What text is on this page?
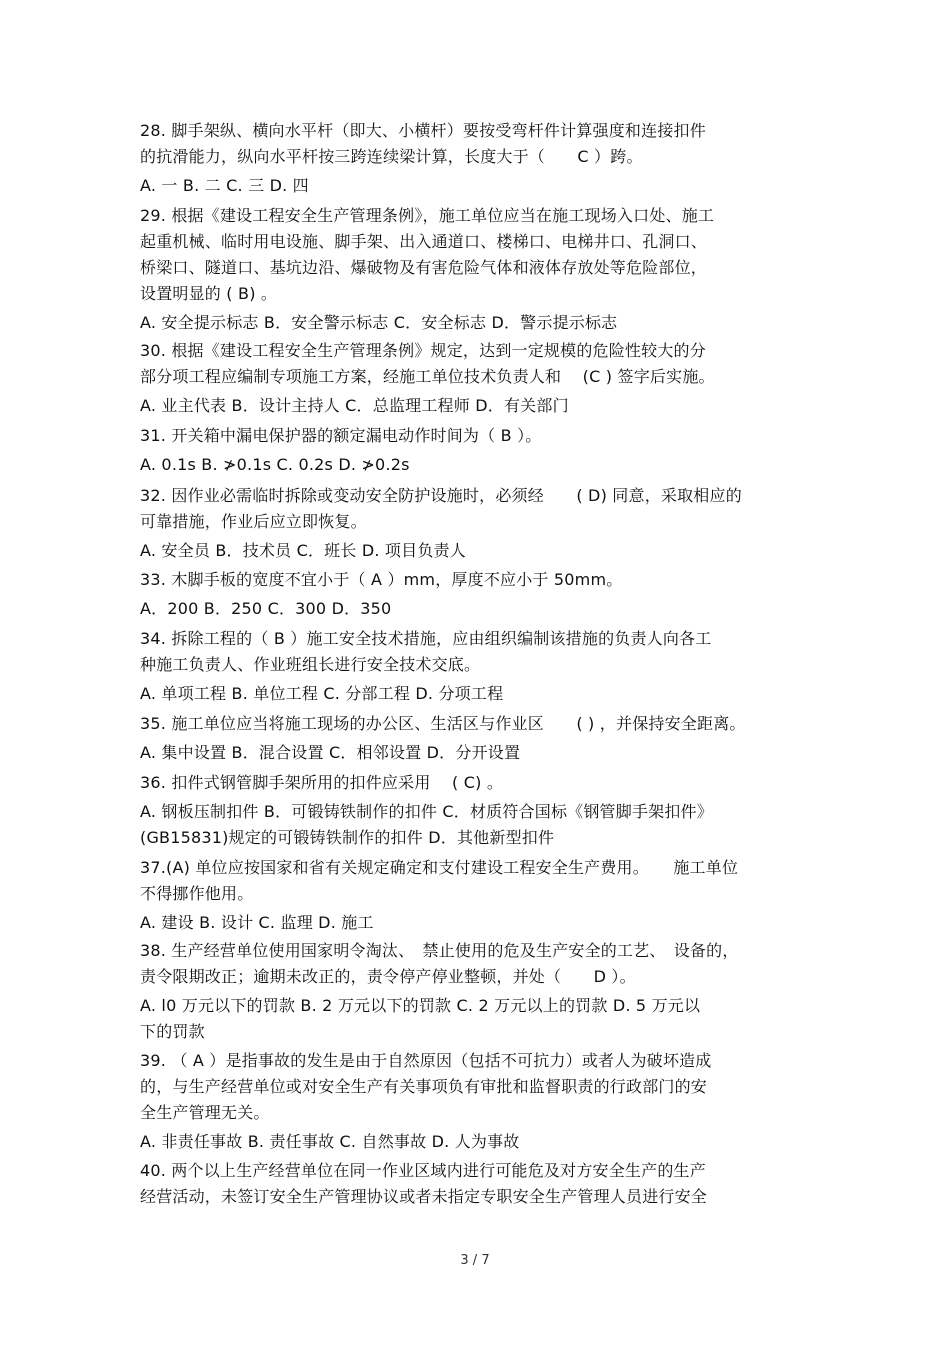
28. 脚手架纵、横向水平杆（即大、小横杆）要按受弯杆件计算强度和连接扣件
的抗滑能力，纵向水平杆按三跨连续梁计算，长度大于（　　C ）跨。
A. 一 B. 二 C. 三 D. 四
29. 根据《建设工程安全生产管理条例》，施工单位应当在施工现场入口处、施工
起重机械、临时用电设施、脚手架、出入通道口、楼梯口、电梯井口、孔洞口、
桥梁口、隧道口、基坑边沿、爆破物及有害危险气体和液体存放处等危险部位，
设置明显的 ( B) 。
A. 安全提示标志 B．安全警示标志 C．安全标志 D．警示提示标志
30. 根据《建设工程安全生产管理条例》规定，达到一定规模的危险性较大的分
部分项工程应编制专项施工方案，经施工单位技术负责人和　 (C ) 签字后实施。
A. 业主代表 B．设计主持人 C．总监理工程师 D．有关部门
31. 开关箱中漏电保护器的额定漏电动作时间为（ B ）。
A. 0.1s B. ≯0.1s C. 0.2s D. ≯0.2s
32. 因作业必需临时拆除或变动安全防护设施时，必须经　　( D) 同意，采取相应的
可靠措施，作业后应立即恢复。
A. 安全员 B．技术员 C．班长 D. 项目负责人
33. 木脚手板的宽度不宜小于（ A ）mm，厚度不应小于 50mm。
A．200 B．250 C．300 D．350
34. 拆除工程的（ B ）施工安全技术措施，应由组织编制该措施的负责人向各工
种施工负责人、作业班组长进行安全技术交底。
A. 单项工程 B. 单位工程 C. 分部工程 D. 分项工程
35. 施工单位应当将施工现场的办公区、生活区与作业区　　( ) ，并保持安全距离。
A. 集中设置 B．混合设置 C．相邻设置 D．分开设置
36. 扣件式钢管脚手架所用的扣件应采用　 ( C) 。
A. 钢板压制扣件 B．可锻铸铁制作的扣件 C．材质符合国标《钢管脚手架扣件》
(GB15831)规定的可锻铸铁制作的扣件 D．其他新型扣件
37.(A) 单位应按国家和省有关规定确定和支付建设工程安全生产费用。　　施工单位
不得挪作他用。
A. 建设 B. 设计 C. 监理 D. 施工
38. 生产经营单位使用国家明令淘汰、　禁止使用的危及生产安全的工艺、　设备的，
责令限期改正；逾期未改正的，责令停产停业整顿，并处（　　D ）。
A. l0 万元以下的罚款 B. 2 万元以下的罚款 C. 2 万元以上的罚款 D. 5 万元以
下的罚款
39. （ A ）是指事故的发生是由于自然原因（包括不可抗力）或者人为破坏造成
的，与生产经营单位或对安全生产有关事项负有审批和监督职责的行政部门的安
全生产管理无关。
A. 非责任事故 B. 责任事故 C. 自然事故 D. 人为事故
40. 两个以上生产经营单位在同一作业区域内进行可能危及对方安全生产的生产
经营活动，未签订安全生产管理协议或者未指定专职安全生产管理人员进行安全
3 / 7
